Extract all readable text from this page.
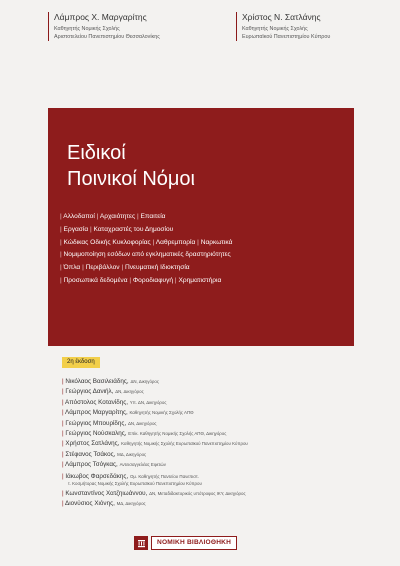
Λάμπρος Χ. Μαργαρίτης
Καθηγητής Νομικής Σχολής
Αριστοτελείου Πανεπιστημίου Θεσσαλονίκης
Χρίστος Ν. Σατλάνης
Καθηγητής Νομικής Σχολής
Ευρωπαϊκού Πανεπιστημίου Κύπρου
Ειδικοί
Ποινικοί Νόμοι
| Αλλοδαποί | Αρχαιότητες | Επαιτεία
| Εργασία | Καταχραστές του Δημοσίου
| Κώδικας Οδικής Κυκλοφορίας | Λαθρεμπορία | Ναρκωτικά
| Νομιμοποίηση εσόδων από εγκληματικές δραστηριότητες
| Όπλα | Περιβάλλον | Πνευματική Ιδιοκτησία
| Προσωπικά δεδομένα | Φοροδιαφυγή | Χρηματιστήρια
2η έκδοση
| Νικόλαος Βασιλειάδης, ΔΝ, Δικηγόρος
| Γεώργιος Δανιήλ, ΔΝ, Δικηγόρος
| Απόστολος Κοτανίδης, Υπ. ΔΝ, Δικηγόρος
| Λάμπρος Μαργαρίτης, Καθηγητής Νομικής Σχολής ΑΠΘ
| Γεώργιος Μπουρίδης, ΔΝ, Δικηγόρος
| Γεώργιος Νούσκαλης, Επίκ. Καθηγητής Νομικής Σχολής ΑΠΘ, Δικηγόρος
| Χρήστος Σατλάνης, Καθηγητής Νομικής Σχολής Ευρωπαϊκού Πανεπιστημίου Κύπρου
| Στέφανος Τσάκος, ΜΔ, Δικηγόρος
| Λάμπρος Τσόγκας, Αντεισαγγελέας Εφετών
| Ιάκωβος Φαρσεδάκης, Ομ. Καθηγητής Παντείου Πανεπιστ.
τ. Κοσμήτορας Νομικής Σχολής Ευρωπαϊκού Πανεπιστημίου Κύπρου
| Κωνσταντίνος Χατζηιωάννου, ΔΝ, Μεταδιδακτορικός υπότροφος ΙΚΥ, Δικηγόρος
| Διονύσιος Χιόνης, ΜΔ, Δικηγόρος
ΝΟΜΙΚΗ ΒΙΒΛΙΟΘΗΚΗ
